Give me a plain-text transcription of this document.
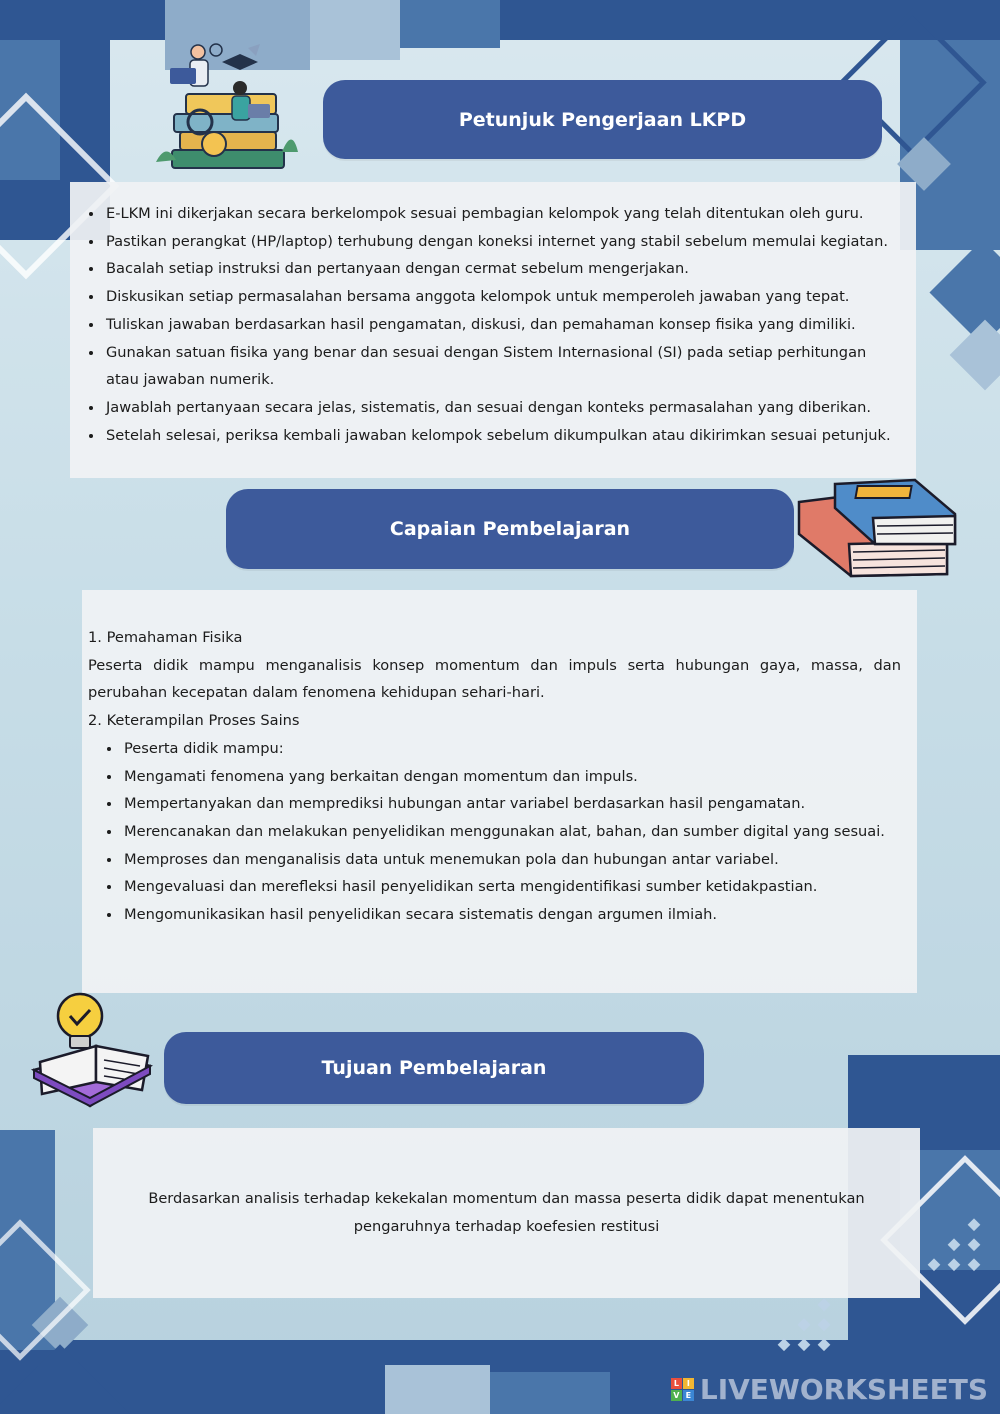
Petunjuk Pengerjaan LKPD
• E-LKM ini dikerjakan secara berkelompok sesuai pembagian kelompok yang telah ditentukan oleh guru.
• Pastikan perangkat (HP/laptop) terhubung dengan koneksi internet yang stabil sebelum memulai kegiatan.
• Bacalah setiap instruksi dan pertanyaan dengan cermat sebelum mengerjakan.
• Diskusikan setiap permasalahan bersama anggota kelompok untuk memperoleh jawaban yang tepat.
• Tuliskan jawaban berdasarkan hasil pengamatan, diskusi, dan pemahaman konsep fisika yang dimiliki.
• Gunakan satuan fisika yang benar dan sesuai dengan Sistem Internasional (SI) pada setiap perhitungan atau jawaban numerik.
• Jawablah pertanyaan secara jelas, sistematis, dan sesuai dengan konteks permasalahan yang diberikan.
• Setelah selesai, periksa kembali jawaban kelompok sebelum dikumpulkan atau dikirimkan sesuai petunjuk.
Capaian Pembelajaran

1. Pemahaman Fisika

Peserta didik mampu menganalisis konsep momentum dan impuls serta hubungan gaya, massa, dan perubahan kecepatan dalam fenomena kehidupan sehari-hari.

2. Keterampilan Proses Sains

• Peserta didik mampu:
• Mengamati fenomena yang berkaitan dengan momentum dan impuls.
• Mempertanyakan dan memprediksi hubungan antar variabel berdasarkan hasil pengamatan.
• Merencanakan dan melakukan penyelidikan menggunakan alat, bahan, dan sumber digital yang sesuai.
• Memproses dan menganalisis data untuk menemukan pola dan hubungan antar variabel.
• Mengevaluasi dan merefleksi hasil penyelidikan serta mengidentifikasi sumber ketidakpastian.
• Mengomunikasikan hasil penyelidikan secara sistematis dengan argumen ilmiah.
Tujuan Pembelajaran

Berdasarkan analisis terhadap kekekalan momentum dan massa peserta didik dapat menentukan pengaruhnya terhadap koefesien restitusi

L I
V E LIVEWORKSHEETS
